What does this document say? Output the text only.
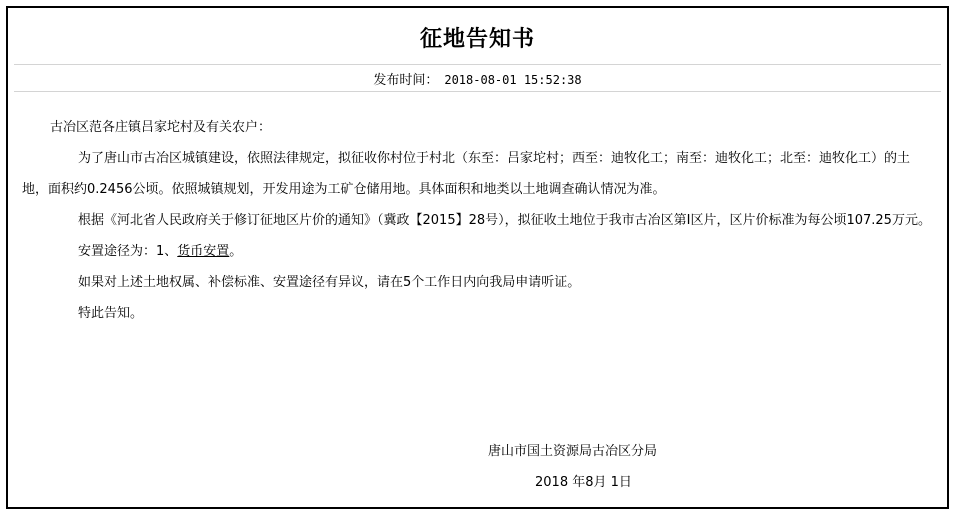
征地告知书
发布时间： 2018-08-01 15:52:38

古冶区范各庄镇吕家坨村及有关农户：

为了唐山市古冶区城镇建设，依照法律规定，拟征收你村位于村北（东至：吕家坨村；西至：迪牧化工；南至：迪牧化工；北至：迪牧化工）的土地，面积约0.2456公顷。依照城镇规划，开发用途为工矿仓储用地。具体面积和地类以土地调查确认情况为准。

根据《河北省人民政府关于修订征地区片价的通知》（冀政【2015】28号），拟征收土地位于我市古冶区第Ⅰ区片，区片价标准为每公顷107.25万元。

安置途径为：1、货币安置。

如果对上述土地权属、补偿标准、安置途径有异议，请在5个工作日内向我局申请听证。

特此告知。

唐山市国土资源局古冶区分局
2018 年8月 1日
